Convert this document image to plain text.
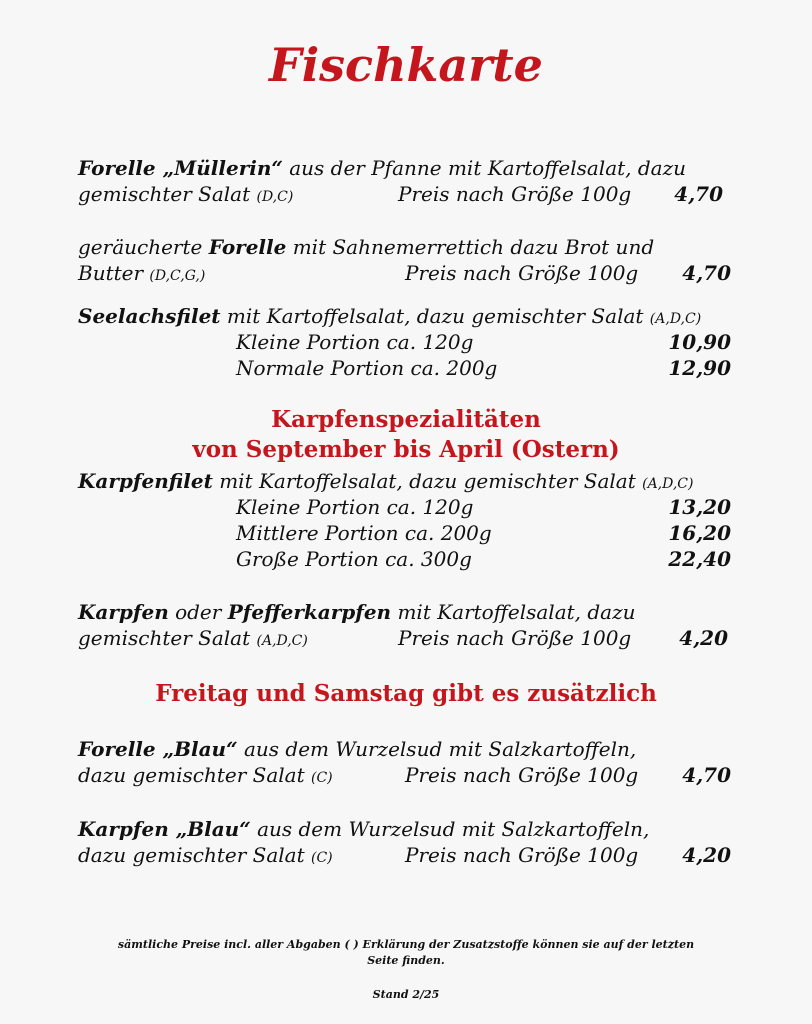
Fischkarte
Forelle „Müllerin“ aus der Pfanne mit Kartoffelsalat, dazu
gemischter Salat (D,C)	Preis nach Größe 100g 4,70
geräucherte Forelle mit Sahnemerrettich dazu Brot und
Butter (D,C,G,)	Preis nach Größe 100g 4,70
Seelachsfilet mit Kartoffelsalat, dazu gemischter Salat (A,D,C)
Kleine Portion ca. 120g	10,90
Normale Portion ca. 200g	12,90
Karpfenspezialitäten
von September bis April (Ostern)
Karpfenfilet mit Kartoffelsalat, dazu gemischter Salat (A,D,C)
Kleine Portion ca. 120g	13,20
Mittlere Portion ca. 200g	16,20
Große Portion ca. 300g	22,40
Karpfen oder Pfefferkarpfen mit Kartoffelsalat, dazu
gemischter Salat (A,D,C)	Preis nach Größe 100g 4,20
Freitag und Samstag gibt es zusätzlich
Forelle „Blau“ aus dem Wurzelsud mit Salzkartoffeln,
dazu gemischter Salat (C)	Preis nach Größe 100g 4,70
Karpfen „Blau“ aus dem Wurzelsud mit Salzkartoffeln,
dazu gemischter Salat (C)	Preis nach Größe 100g 4,20
sämtliche Preise incl. aller Abgaben ( ) Erklärung der Zusatzstoffe können sie auf der letzten
Seite finden.
Stand 2/25
